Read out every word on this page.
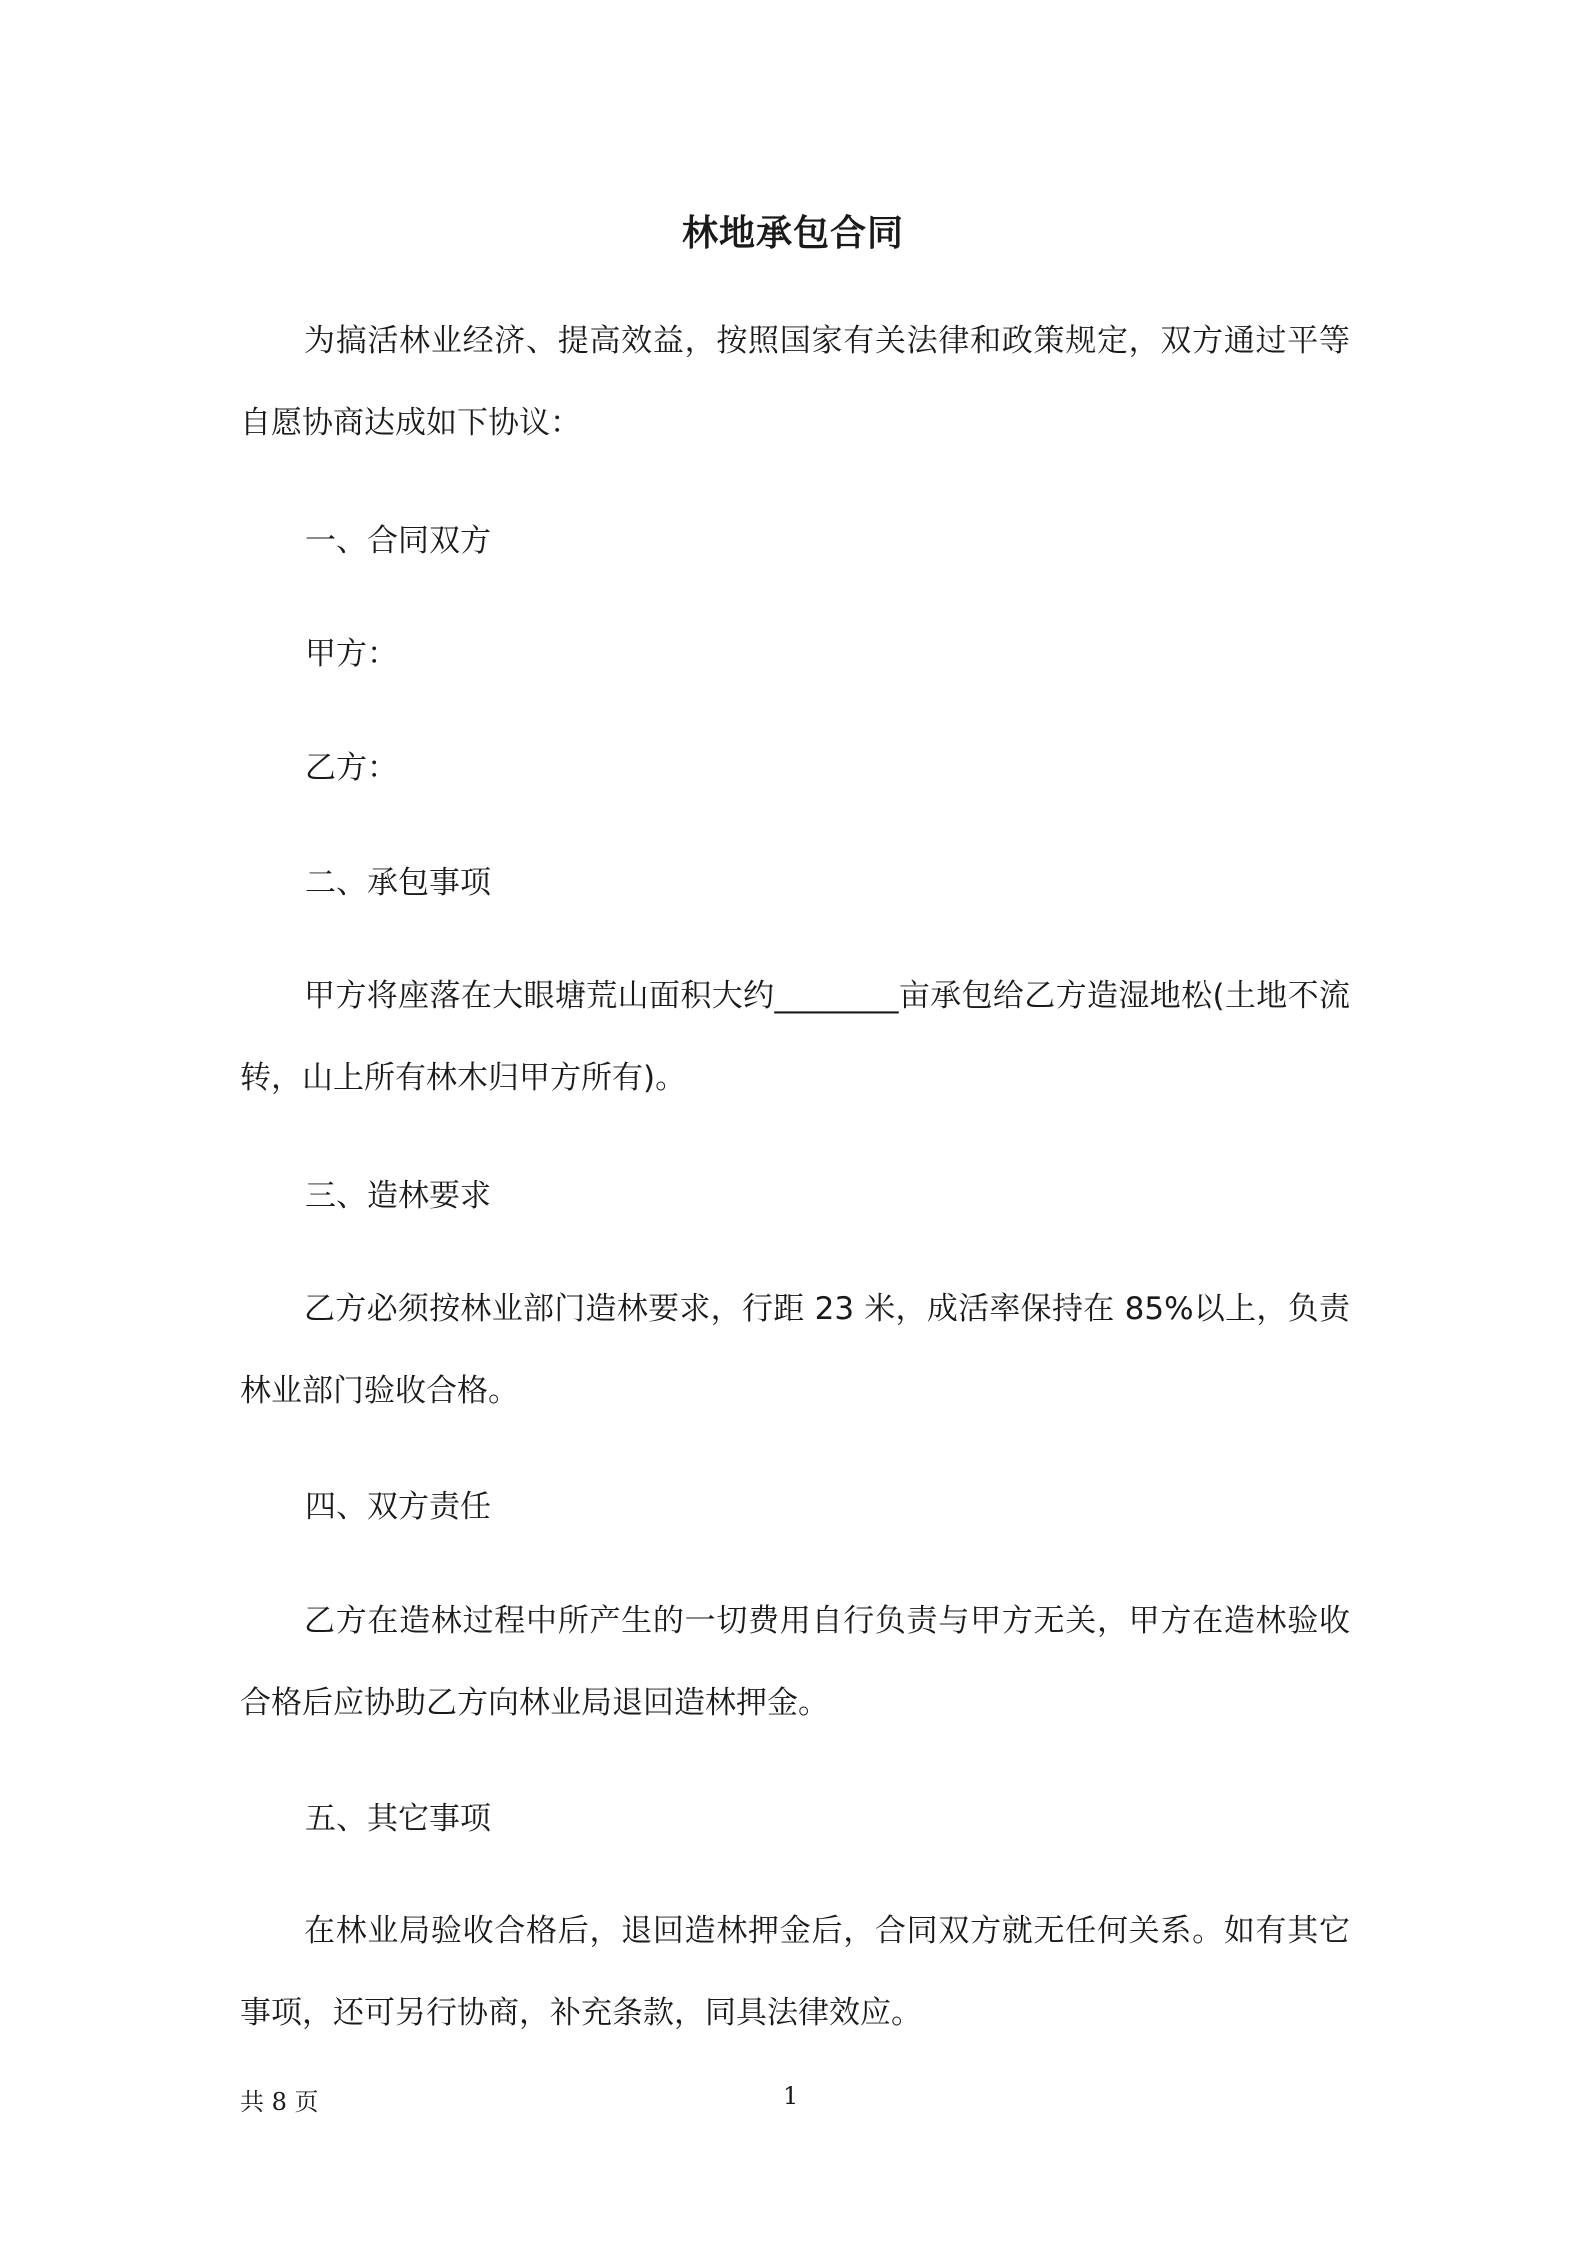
林地承包合同
为搞活林业经济、提高效益，按照国家有关法律和政策规定，双方通过平等自愿协商达成如下协议：
一、合同双方
甲方：
乙方：
二、承包事项
甲方将座落在大眼塘荒山面积大约________亩承包给乙方造湿地松(土地不流转，山上所有林木归甲方所有)。
三、造林要求
乙方必须按林业部门造林要求，行距 23 米，成活率保持在 85%以上，负责林业部门验收合格。
四、双方责任
乙方在造林过程中所产生的一切费用自行负责与甲方无关，甲方在造林验收合格后应协助乙方向林业局退回造林押金。
五、其它事项
在林业局验收合格后，退回造林押金后，合同双方就无任何关系。如有其它事项，还可另行协商，补充条款，同具法律效应。
共 8 页	1
